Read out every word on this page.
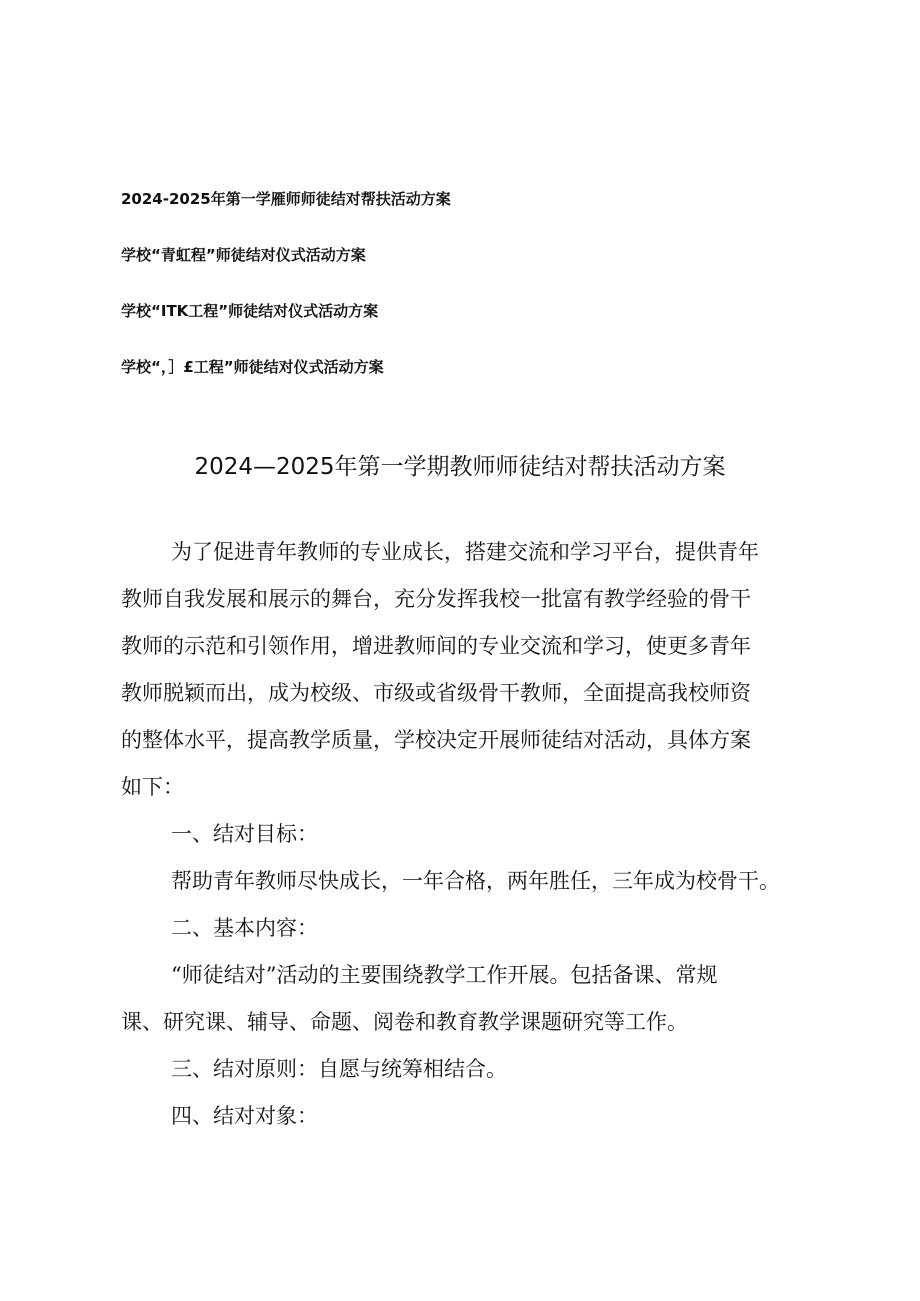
2024-2025年第一学雁师师徒结对帮扶活动方案
学校“青虹程”师徒结对仪式活动方案
学校“ITK工程”师徒结对仪式活动方案
学校“，］£工程”师徒结对仪式活动方案
2024—2025年第一学期教师师徒结对帮扶活动方案
为了促进青年教师的专业成长，搭建交流和学习平台，提供青年
教师自我发展和展示的舞台，充分发挥我校一批富有教学经验的骨干
教师的示范和引领作用，增进教师间的专业交流和学习，使更多青年
教师脱颖而出，成为校级、市级或省级骨干教师，全面提高我校师资
的整体水平，提高教学质量，学校决定开展师徒结对活动，具体方案
如下：
一、结对目标：
帮助青年教师尽快成长，一年合格，两年胜任，三年成为校骨干。
二、基本内容：
“师徒结对”活动的主要围绕教学工作开展。包括备课、常规
课、研究课、辅导、命题、阅卷和教育教学课题研究等工作。
三、结对原则：自愿与统筹相结合。
四、结对对象：
